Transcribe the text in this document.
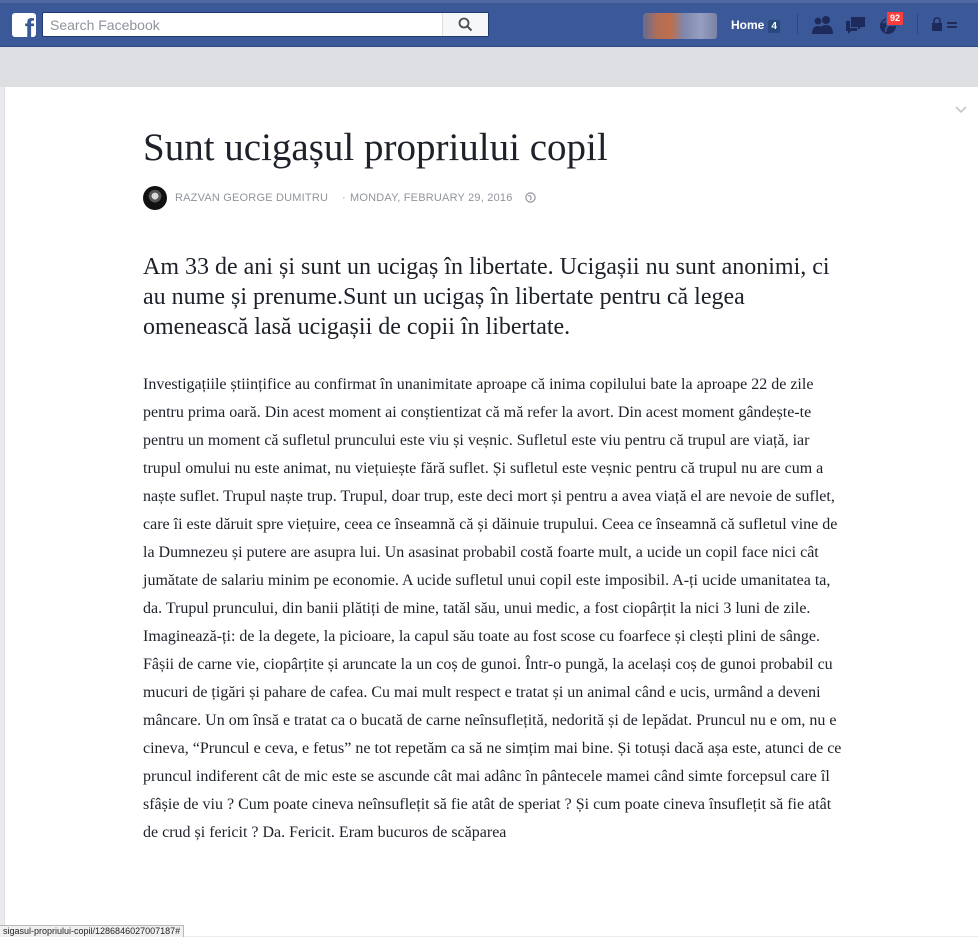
f
Search Facebook	Home 4
92
Sunt ucigașul propriului copil
RAZVAN GEORGE DUMITRU · MONDAY, FEBRUARY 29, 2016

Am 33 de ani și sunt un ucigaș în libertate. Ucigașii nu sunt anonimi, ci au nume și prenume.Sunt un ucigaș în libertate pentru că legea omenească lasă ucigașii de copii în libertate.

Investigațiile științifice au confirmat în unanimitate aproape că inima copilului bate la aproape 22 de zile pentru prima oară. Din acest moment ai conștientizat că mă refer la avort. Din acest moment gândește-te pentru un moment că sufletul pruncului este viu și veșnic. Sufletul este viu pentru că trupul are viață, iar trupul omului nu este animat, nu viețuiește fără suflet. Și sufletul este veșnic pentru că trupul nu are cum a naște suflet. Trupul naște trup. Trupul, doar trup, este deci mort și pentru a avea viață el are nevoie de suflet, care îi este dăruit spre viețuire, ceea ce înseamnă că și dăinuie trupului. Ceea ce înseamnă că sufletul vine de la Dumnezeu și putere are asupra lui. Un asasinat probabil costă foarte mult, a ucide un copil face nici cât jumătate de salariu minim pe economie. A ucide sufletul unui copil este imposibil. A-ți ucide umanitatea ta, da. Trupul pruncului, din banii plătiți de mine, tatăl său, unui medic, a fost ciopârțit la nici 3 luni de zile. Imaginează-ți: de la degete, la picioare, la capul său toate au fost scose cu foarfece și clești plini de sânge. Fâșii de carne vie, ciopârțite și aruncate la un coș de gunoi. Într-o pungă, la același coș de gunoi probabil cu mucuri de țigări și pahare de cafea. Cu mai mult respect e tratat și un animal când e ucis, urmând a deveni mâncare. Un om însă e tratat ca o bucată de carne neînsuflețită, nedorită și de lepădat. Pruncul nu e om, nu e cineva, “Pruncul e ceva, e fetus” ne tot repetăm ca să ne simțim mai bine. Și totuși dacă așa este, atunci de ce pruncul indiferent cât de mic este se ascunde cât mai adânc în pântecele mamei când simte forcepsul care îl sfâșie de viu ? Cum poate cineva neînsuflețit să fie atât de speriat ? Și cum poate cineva însuflețit să fie atât de crud și fericit ? Da. Fericit. Eram bucuros de scăparea

sigasul-propriului-copil/1286846027007187#
